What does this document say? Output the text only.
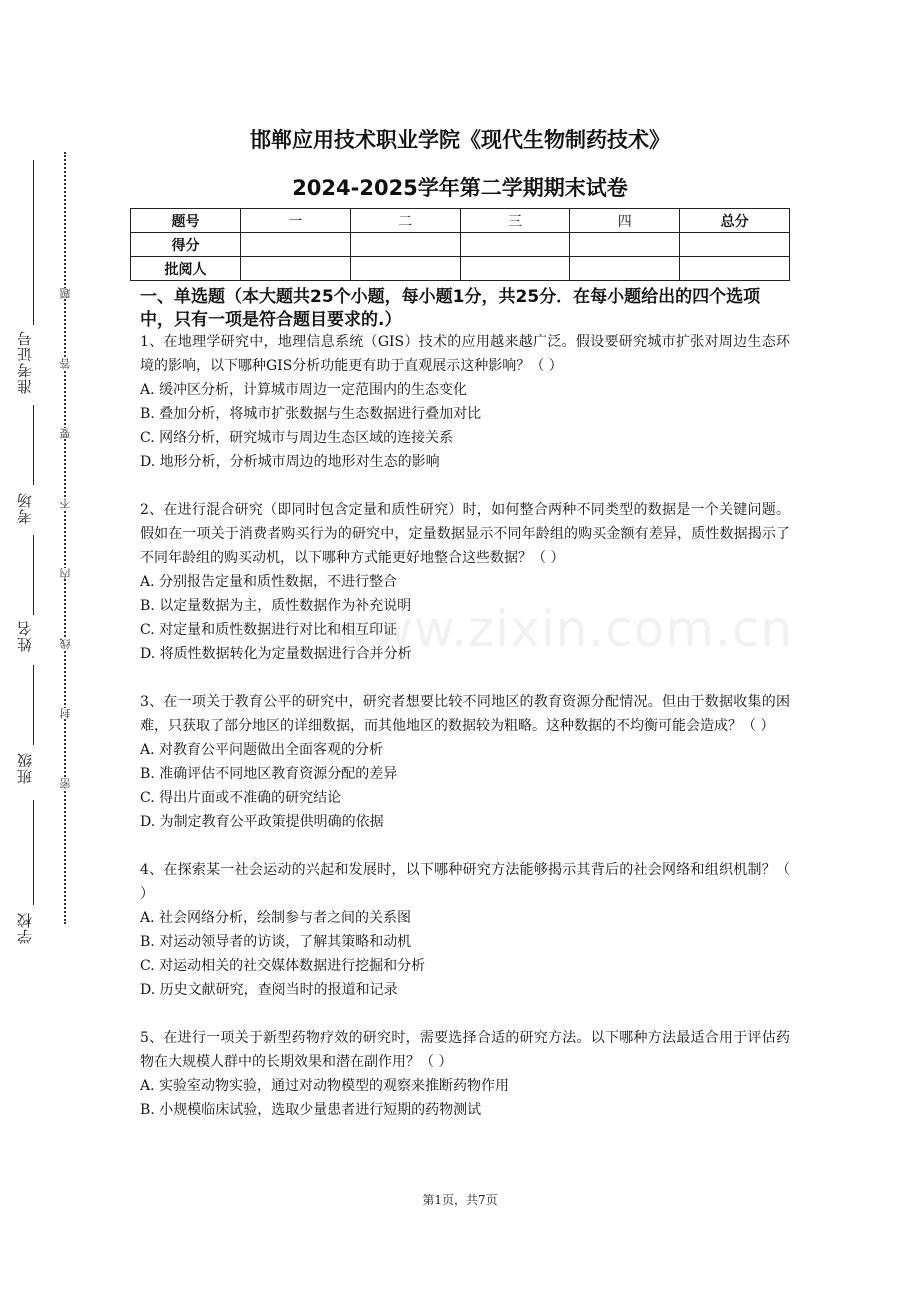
准考证号
考场
姓名
班级
学校
题
答
要
不
内
线
封
密
邯郸应用技术职业学院《现代生物制药技术》
2024-2025学年第二学期期末试卷
题号	一	二	三	四	总分
得分					
批阅人					
一、单选题（本大题共25个小题，每小题1分，共25分．在每小题给出的四个选项中，只有一项是符合题目要求的.）
1、在地理学研究中，地理信息系统（GIS）技术的应用越来越广泛。假设要研究城市扩张对周边生态环境的影响，以下哪种GIS分析功能更有助于直观展示这种影响？（ ）
A. 缓冲区分析，计算城市周边一定范围内的生态变化
B. 叠加分析，将城市扩张数据与生态数据进行叠加对比
C. 网络分析，研究城市与周边生态区域的连接关系
D. 地形分析，分析城市周边的地形对生态的影响
2、在进行混合研究（即同时包含定量和质性研究）时，如何整合两种不同类型的数据是一个关键问题。假如在一项关于消费者购买行为的研究中，定量数据显示不同年龄组的购买金额有差异，质性数据揭示了不同年龄组的购买动机，以下哪种方式能更好地整合这些数据？（ ）
A. 分别报告定量和质性数据，不进行整合
B. 以定量数据为主，质性数据作为补充说明
C. 对定量和质性数据进行对比和相互印证
D. 将质性数据转化为定量数据进行合并分析
3、在一项关于教育公平的研究中，研究者想要比较不同地区的教育资源分配情况。但由于数据收集的困难，只获取了部分地区的详细数据，而其他地区的数据较为粗略。这种数据的不均衡可能会造成？（ ）
A. 对教育公平问题做出全面客观的分析
B. 准确评估不同地区教育资源分配的差异
C. 得出片面或不准确的研究结论
D. 为制定教育公平政策提供明确的依据
4、在探索某一社会运动的兴起和发展时，以下哪种研究方法能够揭示其背后的社会网络和组织机制？（ ）
A. 社会网络分析，绘制参与者之间的关系图
B. 对运动领导者的访谈，了解其策略和动机
C. 对运动相关的社交媒体数据进行挖掘和分析
D. 历史文献研究，查阅当时的报道和记录
5、在进行一项关于新型药物疗效的研究时，需要选择合适的研究方法。以下哪种方法最适合用于评估药物在大规模人群中的长期效果和潜在副作用？（ ）
A. 实验室动物实验，通过对动物模型的观察来推断药物作用
B. 小规模临床试验，选取少量患者进行短期的药物测试
www.zixin.com.cn
第1页，共7页
